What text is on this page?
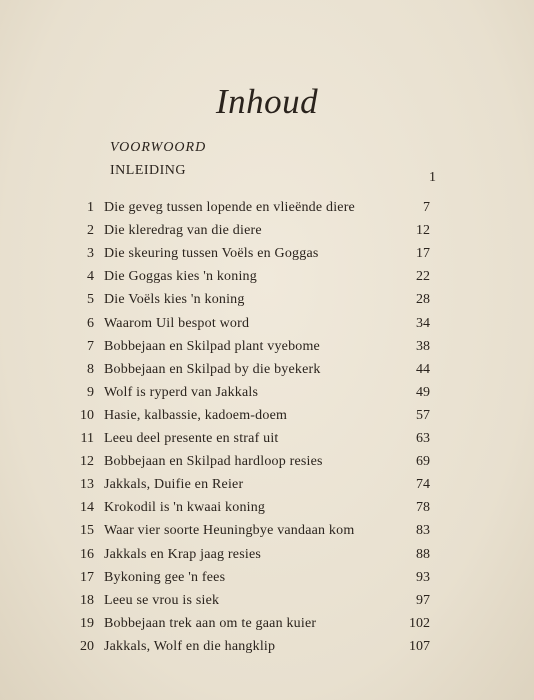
Inhoud
VOORWOORD
INLEIDING	1
1 Die geveg tussen lopende en vlieënde diere	7
2 Die kleredrag van die diere	12
3 Die skeuring tussen Voëls en Goggas	17
4 Die Goggas kies 'n koning	22
5 Die Voëls kies 'n koning	28
6 Waarom Uil bespot word	34
7 Bobbejaan en Skilpad plant vyebome	38
8 Bobbejaan en Skilpad by die byekerk	44
9 Wolf is ryperd van Jakkals	49
10 Hasie, kalbassie, kadoem-doem	57
11 Leeu deel presente en straf uit	63
12 Bobbejaan en Skilpad hardloop resies	69
13 Jakkals, Duifie en Reier	74
14 Krokodil is 'n kwaai koning	78
15 Waar vier soorte Heuningbye vandaan kom	83
16 Jakkals en Krap jaag resies	88
17 Bykoning gee 'n fees	93
18 Leeu se vrou is siek	97
19 Bobbejaan trek aan om te gaan kuier	102
20 Jakkals, Wolf en die hangklip	107
